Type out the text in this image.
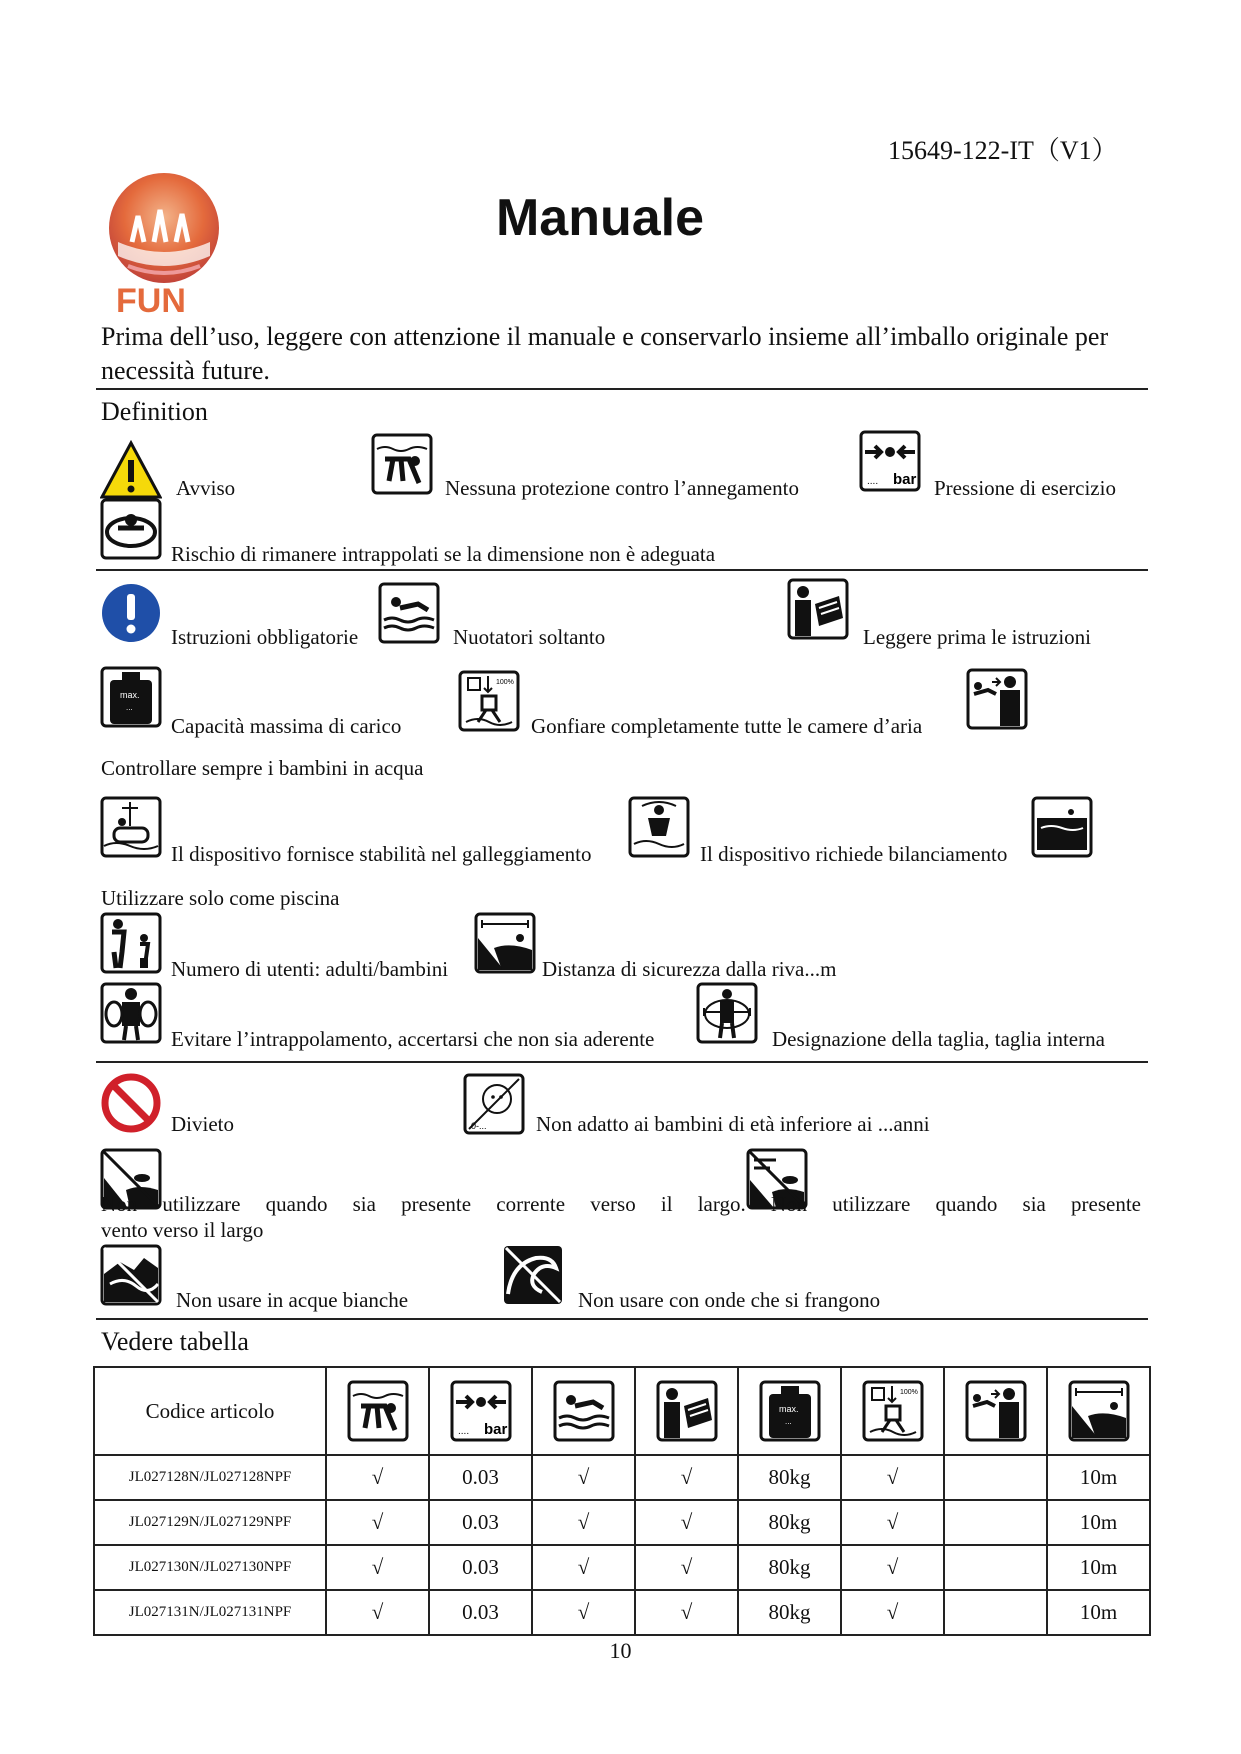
15649-122-IT（V1）
FUN
Manuale
Prima dell’uso, leggere con attenzione il manuale e conservarlo insieme all’imballo originale per necessità future.
Definition
Avviso	Nessuna protezione contro l’annegamento	.... bar Pressione di esercizio
Rischio di rimanere intrappolati se la dimensione non è adeguata
Istruzioni obbligatorie	Nuotatori soltanto	Leggere prima le istruzioni
max.
...
Capacità massima di carico
100%
Gonfiare completamente tutte le camere d’aria
Controllare sempre i bambini in acqua
Il dispositivo fornisce stabilità nel galleggiamento	Il dispositivo richiede bilanciamento
Utilizzare solo come piscina
Numero di utenti: adulti/bambini	Distanza di sicurezza dalla riva...m
Evitare l’intrappolamento, accertarsi che non sia aderente	Designazione della taglia, taglia interna
Divieto	0-... Non adatto ai bambini di età inferiore ai ...anni
Non utilizzare quando sia presente corrente verso il largo. Non utilizzare quando sia presente
vento verso il largo
Non usare in acque bianche	Non usare con onde che si frangono
Vedere tabella
Codice articolo		.... bar			max.
...	100%

JL027128N/JL027128NPF	√	0.03	√	√	80kg	√		10m
JL027129N/JL027129NPF	√	0.03	√	√	80kg	√		10m
JL027130N/JL027130NPF	√	0.03	√	√	80kg	√		10m
JL027131N/JL027131NPF	√	0.03	√	√	80kg	√		10m
10
